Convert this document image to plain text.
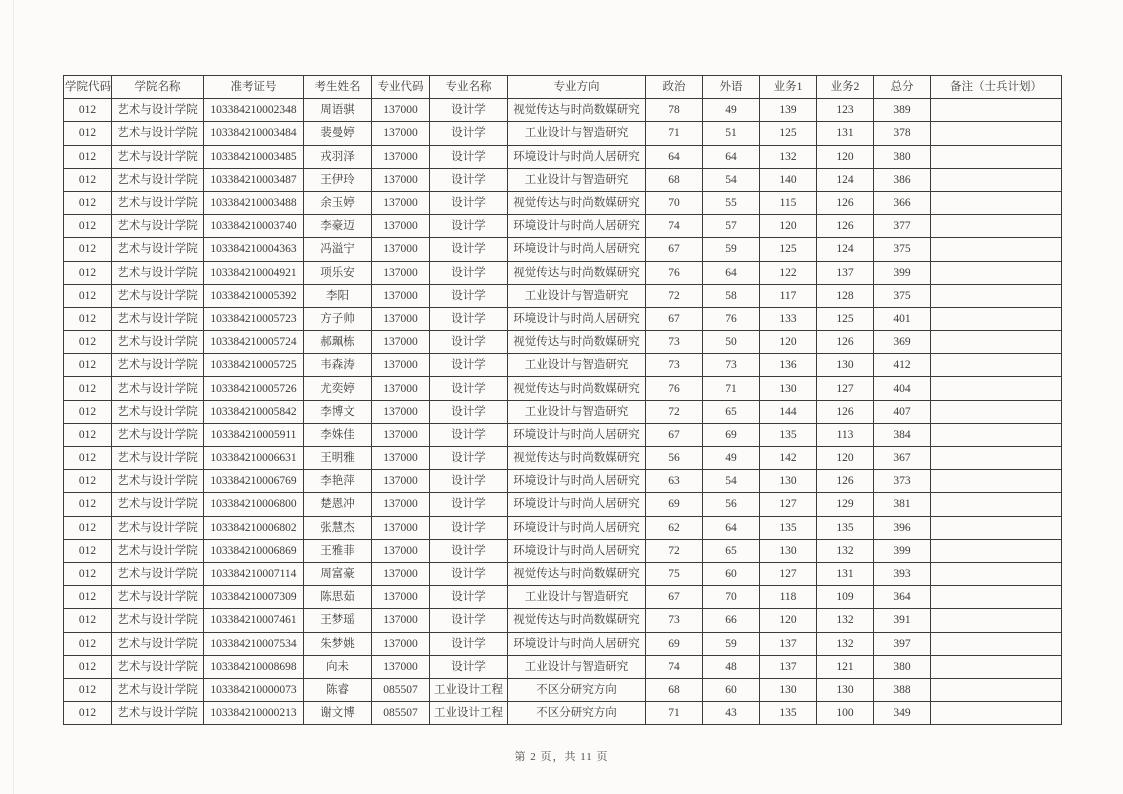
学院代码	学院名称	准考证号	考生姓名	专业代码	专业名称	专业方向	政治	外语	业务1	业务2	总分	备注（士兵计划）
012	艺术与设计学院	103384210002348	周语骐	137000	设计学	视觉传达与时尚数媒研究	78	49	139	123	389	
012	艺术与设计学院	103384210003484	裴曼婷	137000	设计学	工业设计与智造研究	71	51	125	131	378	
012	艺术与设计学院	103384210003485	戎羽泽	137000	设计学	环境设计与时尚人居研究	64	64	132	120	380	
012	艺术与设计学院	103384210003487	王伊玲	137000	设计学	工业设计与智造研究	68	54	140	124	386	
012	艺术与设计学院	103384210003488	余玉婷	137000	设计学	视觉传达与时尚数媒研究	70	55	115	126	366	
012	艺术与设计学院	103384210003740	李豪迈	137000	设计学	环境设计与时尚人居研究	74	57	120	126	377	
012	艺术与设计学院	103384210004363	冯溢宁	137000	设计学	环境设计与时尚人居研究	67	59	125	124	375	
012	艺术与设计学院	103384210004921	项乐安	137000	设计学	视觉传达与时尚数媒研究	76	64	122	137	399	
012	艺术与设计学院	103384210005392	李阳	137000	设计学	工业设计与智造研究	72	58	117	128	375	
012	艺术与设计学院	103384210005723	方子帅	137000	设计学	环境设计与时尚人居研究	67	76	133	125	401	
012	艺术与设计学院	103384210005724	郝珮栋	137000	设计学	视觉传达与时尚数媒研究	73	50	120	126	369	
012	艺术与设计学院	103384210005725	韦森涛	137000	设计学	工业设计与智造研究	73	73	136	130	412	
012	艺术与设计学院	103384210005726	尤奕婷	137000	设计学	视觉传达与时尚数媒研究	76	71	130	127	404	
012	艺术与设计学院	103384210005842	李博文	137000	设计学	工业设计与智造研究	72	65	144	126	407	
012	艺术与设计学院	103384210005911	李姝佳	137000	设计学	环境设计与时尚人居研究	67	69	135	113	384	
012	艺术与设计学院	103384210006631	王明雅	137000	设计学	视觉传达与时尚数媒研究	56	49	142	120	367	
012	艺术与设计学院	103384210006769	李艳萍	137000	设计学	环境设计与时尚人居研究	63	54	130	126	373	
012	艺术与设计学院	103384210006800	楚恩冲	137000	设计学	环境设计与时尚人居研究	69	56	127	129	381	
012	艺术与设计学院	103384210006802	张慧杰	137000	设计学	环境设计与时尚人居研究	62	64	135	135	396	
012	艺术与设计学院	103384210006869	王雅菲	137000	设计学	环境设计与时尚人居研究	72	65	130	132	399	
012	艺术与设计学院	103384210007114	周富豪	137000	设计学	视觉传达与时尚数媒研究	75	60	127	131	393	
012	艺术与设计学院	103384210007309	陈思茹	137000	设计学	工业设计与智造研究	67	70	118	109	364	
012	艺术与设计学院	103384210007461	王梦瑶	137000	设计学	视觉传达与时尚数媒研究	73	66	120	132	391	
012	艺术与设计学院	103384210007534	朱梦姚	137000	设计学	环境设计与时尚人居研究	69	59	137	132	397	
012	艺术与设计学院	103384210008698	向未	137000	设计学	工业设计与智造研究	74	48	137	121	380	
012	艺术与设计学院	103384210000073	陈睿	085507	工业设计工程	不区分研究方向	68	60	130	130	388	
012	艺术与设计学院	103384210000213	谢文博	085507	工业设计工程	不区分研究方向	71	43	135	100	349	
第 2 页，共 11 页
